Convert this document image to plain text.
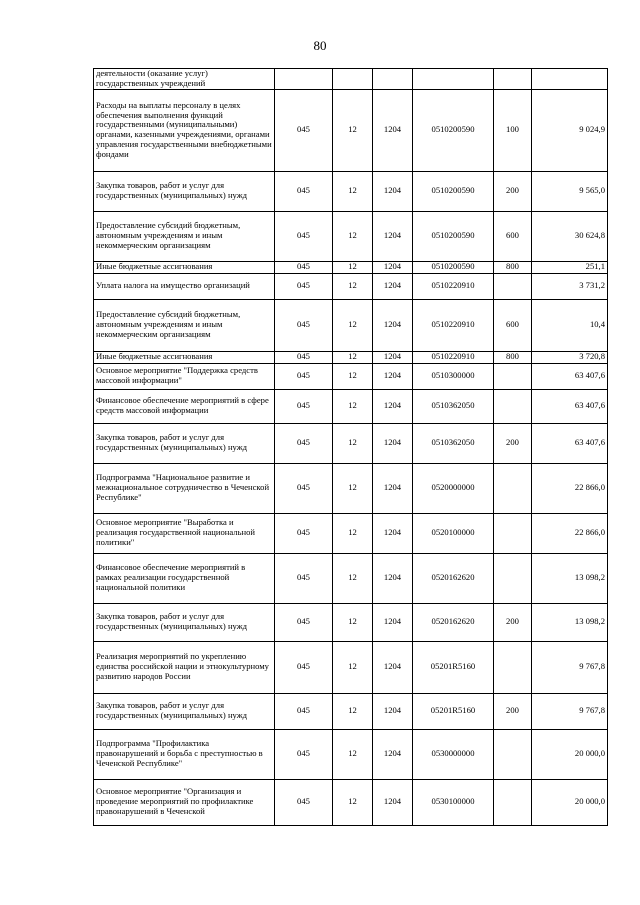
80
деятельности (оказание услуг) государственных учреждений						
Расходы на выплаты персоналу в целях обеспечения выполнения функций государственными (муниципальными) органами, казенными учреждениями, органами управления государственными внебюджетными фондами	045	12	1204	0510200590	100	9 024,9
Закупка товаров, работ и услуг для государственных (муниципальных) нужд	045	12	1204	0510200590	200	9 565,0
Предоставление субсидий бюджетным, автономным учреждениям и иным некоммерческим организациям	045	12	1204	0510200590	600	30 624,8
Иные бюджетные ассигнования	045	12	1204	0510200590	800	251,1
Уплата налога на имущество организаций	045	12	1204	0510220910		3 731,2
Предоставление субсидий бюджетным, автономным учреждениям и иным некоммерческим организациям	045	12	1204	0510220910	600	10,4
Иные бюджетные ассигнования	045	12	1204	0510220910	800	3 720,8
Основное мероприятие "Поддержка средств массовой информации"	045	12	1204	0510300000		63 407,6
Финансовое обеспечение мероприятий в сфере средств массовой информации	045	12	1204	0510362050		63 407,6
Закупка товаров, работ и услуг для государственных (муниципальных) нужд	045	12	1204	0510362050	200	63 407,6
Подпрограмма "Национальное развитие и межнациональное сотрудничество в Чеченской Республике"	045	12	1204	0520000000		22 866,0
Основное мероприятие "Выработка и реализация государственной национальной политики"	045	12	1204	0520100000		22 866,0
Финансовое обеспечение мероприятий в рамках реализации государственной национальной политики	045	12	1204	0520162620		13 098,2
Закупка товаров, работ и услуг для государственных (муниципальных) нужд	045	12	1204	0520162620	200	13 098,2
Реализация мероприятий по укреплению единства российской нации и этнокультурному развитию народов России	045	12	1204	05201R5160		9 767,8
Закупка товаров, работ и услуг для государственных (муниципальных) нужд	045	12	1204	05201R5160	200	9 767,8
Подпрограмма "Профилактика правонарушений и борьба с преступностью в Чеченской Республике"	045	12	1204	0530000000		20 000,0
Основное мероприятие "Организация и проведение мероприятий по профилактике правонарушений в Чеченской	045	12	1204	0530100000		20 000,0
